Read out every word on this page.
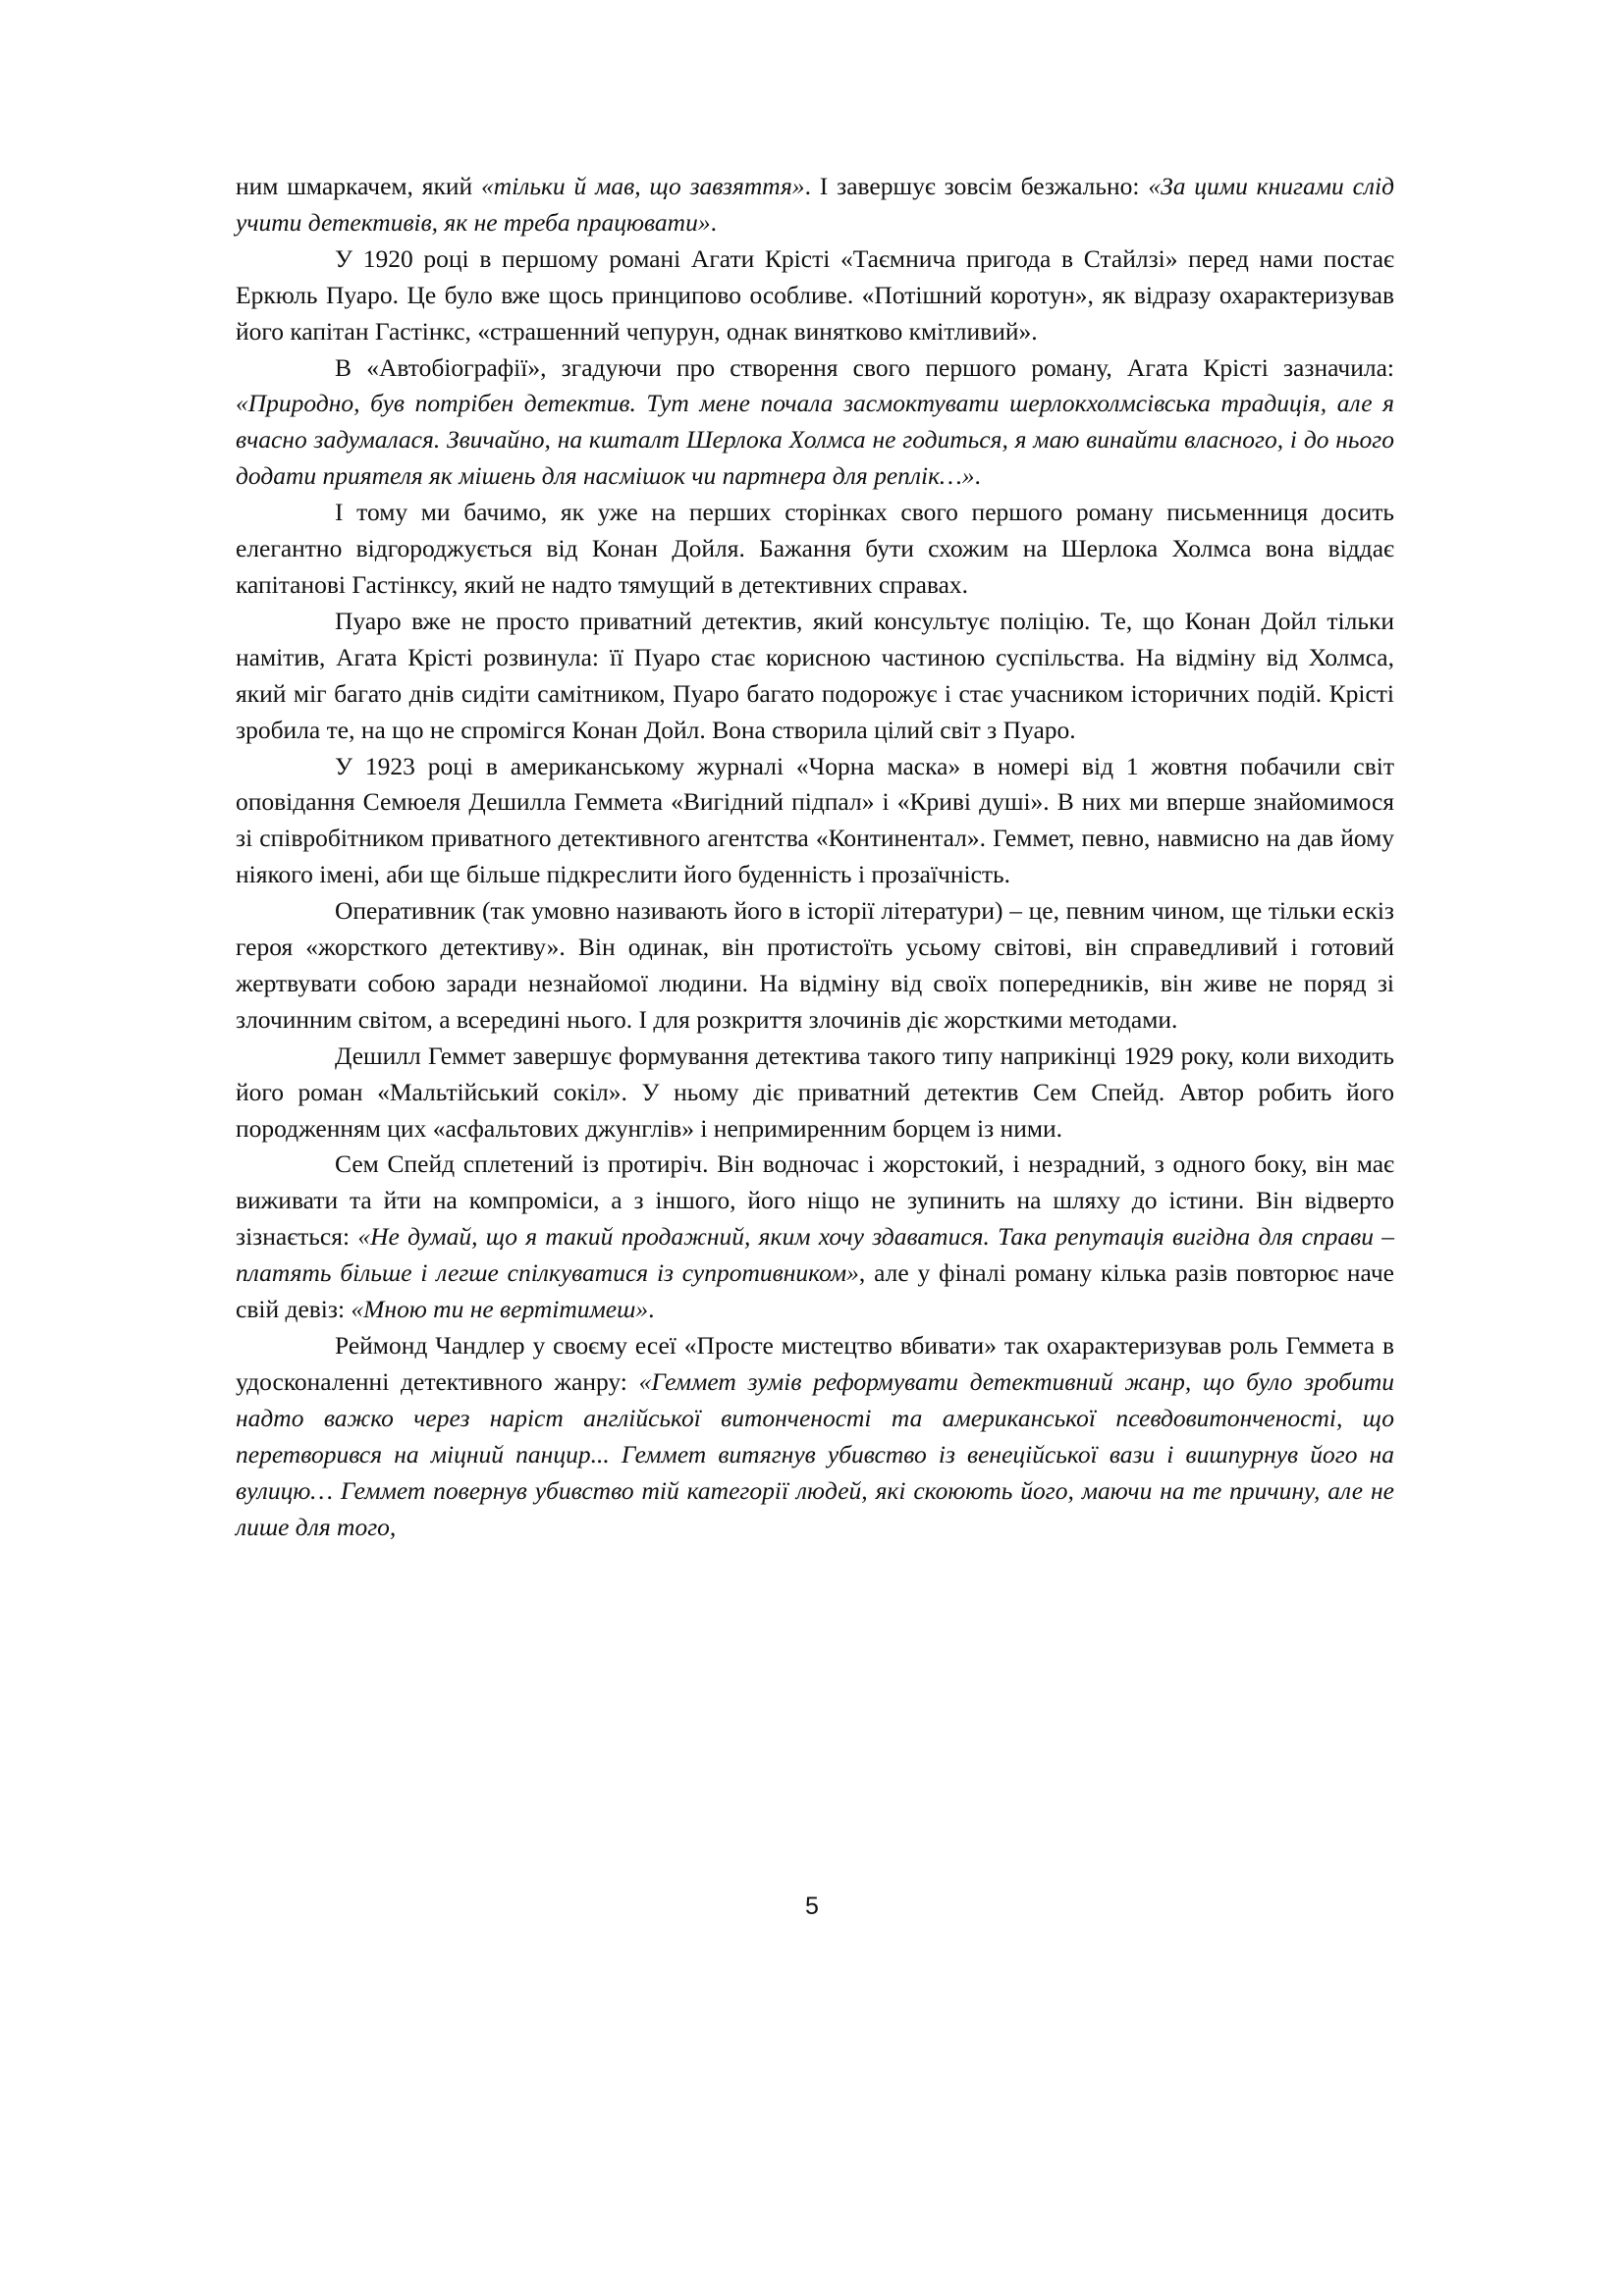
ним шмаркачем, який «тільки й мав, що завзяття». І завершує зовсім безжально: «За цими книгами слід учити детективів, як не треба працювати».

У 1920 році в першому романі Агати Крісті «Таємнича пригода в Стайлзі» перед нами постає Еркюль Пуаро. Це було вже щось принципово особливе. «Потішний коротун», як відразу охарактеризував його капітан Гастінкс, «страшенний чепурун, однак винятково кмітливий».

В «Автобіографії», згадуючи про створення свого першого роману, Агата Крісті зазначила: «Природно, був потрібен детектив. Тут мене почала засмоктувати шерлокхолмсівська традиція, але я вчасно задумалася. Звичайно, на кшталт Шерлока Холмса не годиться, я маю винайти власного, і до нього додати приятеля як мішень для насмішок чи партнера для реплік…».

І тому ми бачимо, як уже на перших сторінках свого першого роману письменниця досить елегантно відгороджується від Конан Дойля. Бажання бути схожим на Шерлока Холмса вона віддає капітанові Гастінксу, який не надто тямущий в детективних справах.

Пуаро вже не просто приватний детектив, який консультує поліцію. Те, що Конан Дойл тільки намітив, Агата Крісті розвинула: її Пуаро стає корисною частиною суспільства. На відміну від Холмса, який міг багато днів сидіти самітником, Пуаро багато подорожує і стає учасником історичних подій. Крісті зробила те, на що не спромігся Конан Дойл. Вона створила цілий світ з Пуаро.

У 1923 році в американському журналі «Чорна маска» в номері від 1 жовтня побачили світ оповідання Семюеля Дешилла Геммета «Вигідний підпал» і «Криві душі». В них ми вперше знайомимося зі співробітником приватного детективного агентства «Континентал». Геммет, певно, навмисно на дав йому ніякого імені, аби ще більше підкреслити його буденність і прозаїчність.

Оперативник (так умовно називають його в історії літератури) – це, певним чином, ще тільки ескіз героя «жорсткого детективу». Він одинак, він протистоїть усьому світові, він справедливий і готовий жертвувати собою заради незнайомої людини. На відміну від своїх попередників, він живе не поряд зі злочинним світом, а всередині нього. І для розкриття злочинів діє жорсткими методами.

Дешилл Геммет завершує формування детектива такого типу наприкінці 1929 року, коли виходить його роман «Мальтійський сокіл». У ньому діє приватний детектив Сем Спейд. Автор робить його породженням цих «асфальтових джунглів» і непримиренним борцем із ними.

Сем Спейд сплетений із протиріч. Він водночас і жорстокий, і незрадний, з одного боку, він має виживати та йти на компроміси, а з іншого, його ніщо не зупинить на шляху до істини. Він відверто зізнається: «Не думай, що я такий продажний, яким хочу здаватися. Така репутація вигідна для справи – платять більше і легше спілкуватися із супротивником», але у фіналі роману кілька разів повторює наче свій девіз: «Мною ти не вертітимеш».

Реймонд Чандлер у своєму есеї «Просте мистецтво вбивати» так охарактеризував роль Геммета в удосконаленні детективного жанру: «Геммет зумів реформувати детективний жанр, що було зробити надто важко через наріст англійської витонченості та американської псевдовитонченості, що перетворився на міцний панцир... Геммет витягнув убивство із венеційської вази і вишпурнув його на вулицю… Геммет повернув убивство тій категорії людей, які скоюють його, маючи на те причину, але не лише для того,

5
